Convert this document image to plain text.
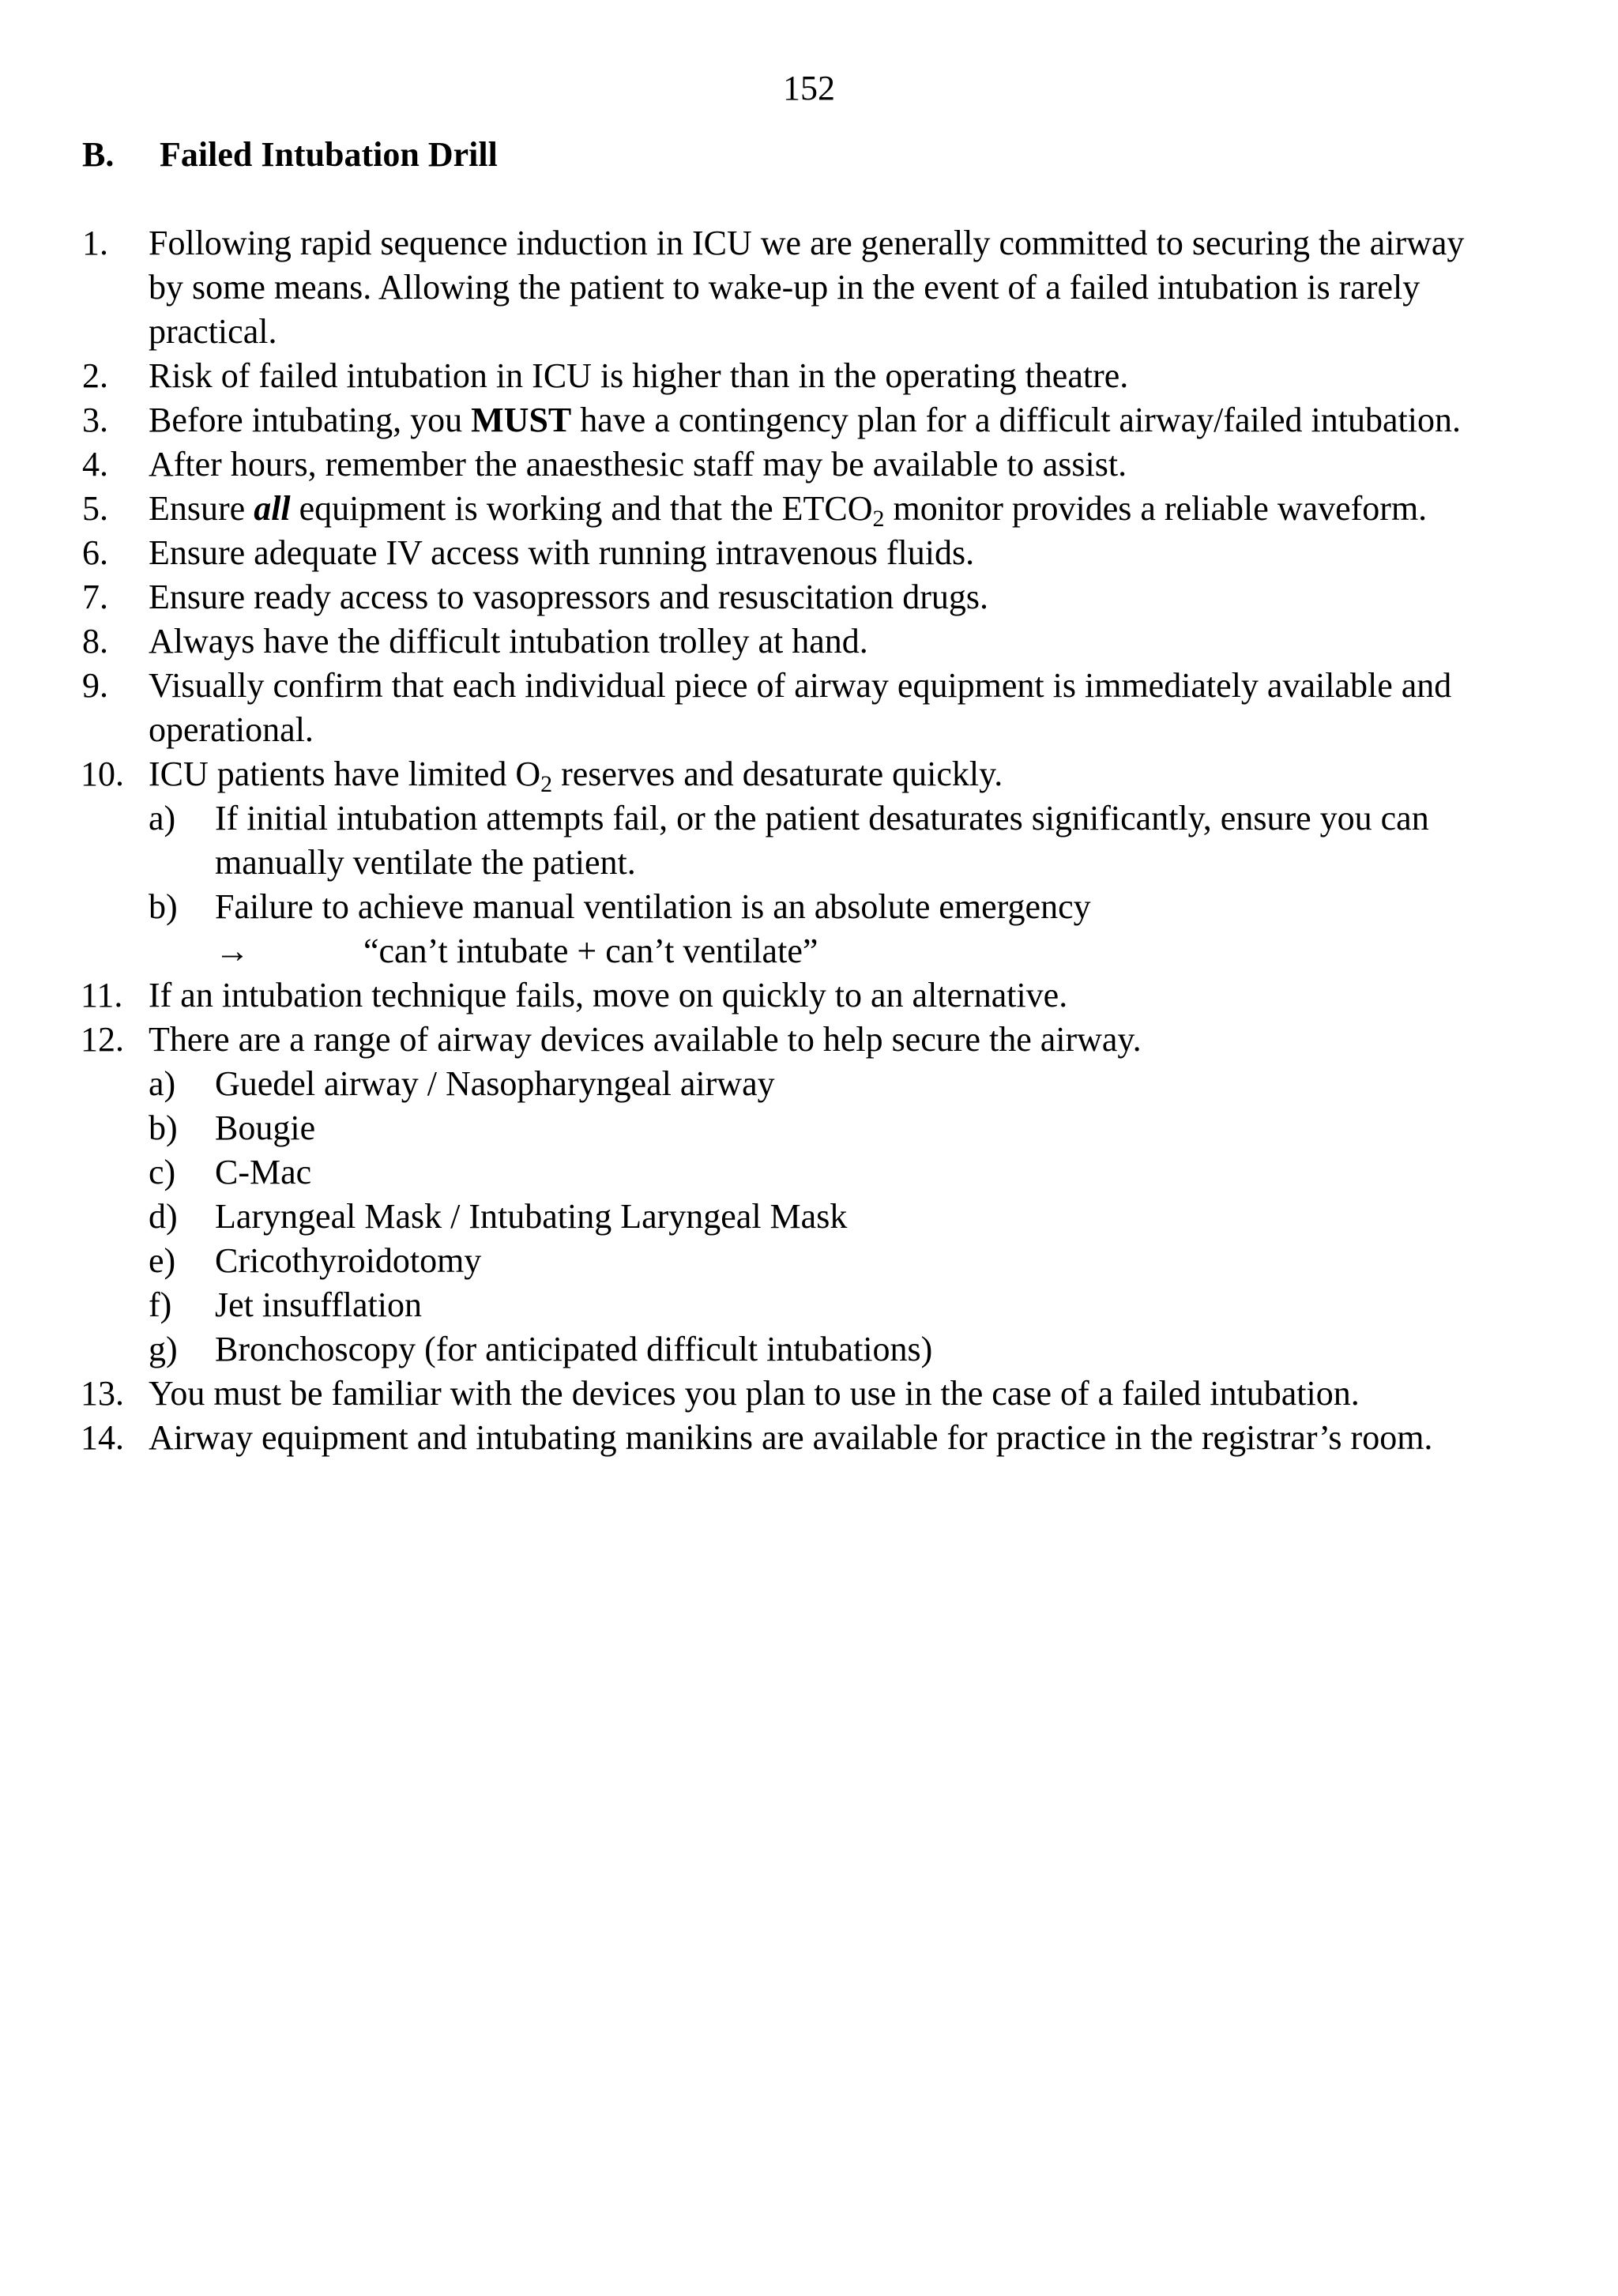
152
B. Failed Intubation Drill
1.	Following rapid sequence induction in ICU we are generally committed to securing the airway by some means. Allowing the patient to wake-up in the event of a failed intubation is rarely practical.
2.	Risk of failed intubation in ICU is higher than in the operating theatre.
3.	Before intubating, you MUST have a contingency plan for a difficult airway/failed intubation.
4.	After hours, remember the anaesthesic staff may be available to assist.
5.	Ensure all equipment is working and that the $ETCO_2$ monitor provides a reliable waveform.
6.	Ensure adequate IV access with running intravenous fluids.
7.	Ensure ready access to vasopressors and resuscitation drugs.
8.	Always have the difficult intubation trolley at hand.
9.	Visually confirm that each individual piece of airway equipment is immediately available and operational.
10. ICU patients have limited $O_2$ reserves and desaturate quickly.
a) If initial intubation attempts fail, or the patient desaturates significantly, ensure you can manually ventilate the patient.
b) Failure to achieve manual ventilation is an absolute emergency
→	“can’t intubate + can’t ventilate”
11. If an intubation technique fails, move on quickly to an alternative.
12. There are a range of airway devices available to help secure the airway.
a) Guedel airway / Nasopharyngeal airway
b) Bougie
c) C-Mac
d) Laryngeal Mask / Intubating Laryngeal Mask
e) Cricothyroidotomy
f) Jet insufflation
g) Bronchoscopy (for anticipated difficult intubations)
13. You must be familiar with the devices you plan to use in the case of a failed intubation.
14. Airway equipment and intubating manikins are available for practice in the registrar’s room.
